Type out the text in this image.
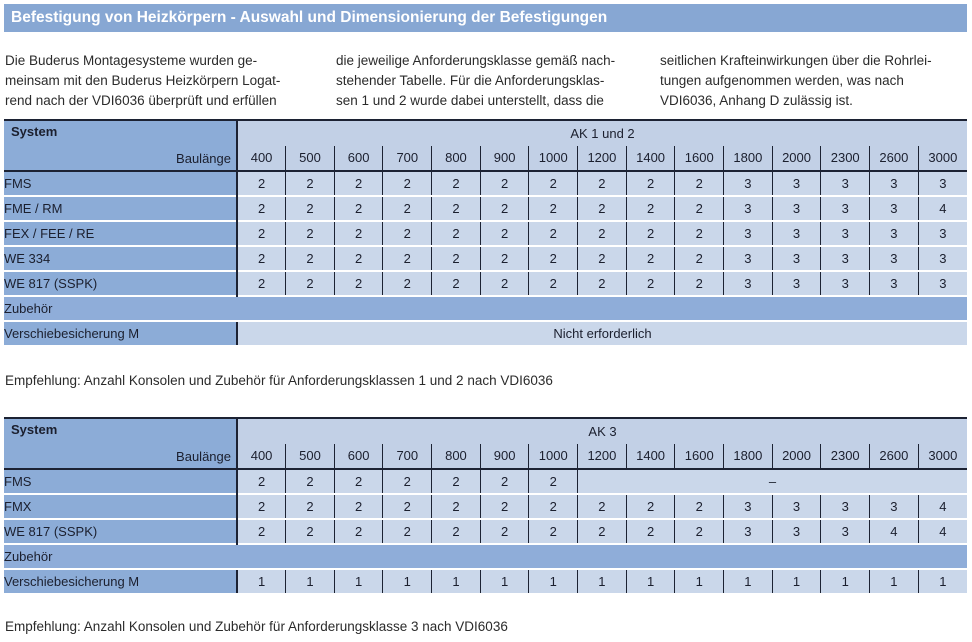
Befestigung von Heizkörpern - Auswahl und Dimensionierung der Befestigungen
Die Buderus Montagesysteme wurden ge-
meinsam mit den Buderus Heizkörpern Logat-
rend nach der VDI6036 überprüft und erfüllen
die jeweilige Anforderungsklasse gemäß nach-
stehender Tabelle. Für die Anforderungsklas-
sen 1 und 2 wurde dabei unterstellt, dass die
seitlichen Krafteinwirkungen über die Rohrlei-
tungen aufgenommen werden, was nach
VDI6036, Anhang D zulässig ist.
System
Baulänge	AK 1 und 2														
	400	500	600	700	800	900	1000	1200	1400	1600	1800	2000	2300	2600	3000
FMS	2	2	2	2	2	2	2	2	2	2	3	3	3	3	3
FME / RM	2	2	2	2	2	2	2	2	2	2	3	3	3	3	4
FEX / FEE / RE	2	2	2	2	2	2	2	2	2	2	3	3	3	3	3
WE 334	2	2	2	2	2	2	2	2	2	2	3	3	3	3	3
WE 817 (SSPK)	2	2	2	2	2	2	2	2	2	2	3	3	3	3	3
Zubehör															
Verschiebesicherung M	Nicht erforderlich														
Empfehlung: Anzahl Konsolen und Zubehör für Anforderungsklassen 1 und 2 nach VDI6036
System
Baulänge	AK 3														
	400	500	600	700	800	900	1000	1200	1400	1600	1800	2000	2300	2600	3000
FMS	2	2	2	2	2	2	2	–							
FMX	2	2	2	2	2	2	2	2	2	2	3	3	3	3	4
WE 817 (SSPK)	2	2	2	2	2	2	2	2	2	2	3	3	3	4	4
Zubehör															
Verschiebesicherung M	1	1	1	1	1	1	1	1	1	1	1	1	1	1	1
Empfehlung: Anzahl Konsolen und Zubehör für Anforderungsklasse 3 nach VDI6036
